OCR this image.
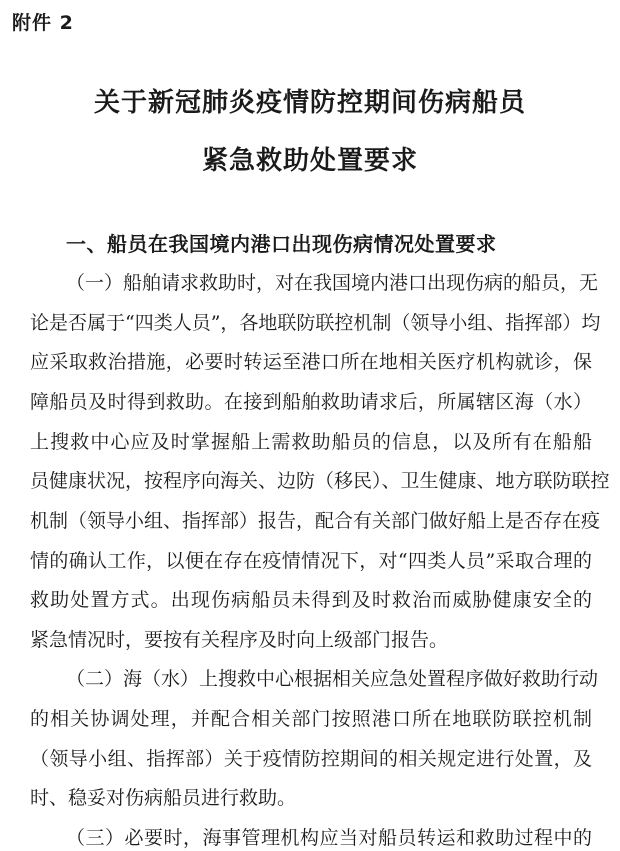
附件 2
关于新冠肺炎疫情防控期间伤病船员
紧急救助处置要求
一、船员在我国境内港口出现伤病情况处置要求
（一）船舶请求救助时，对在我国境内港口出现伤病的船员，无
论是否属于“四类人员”，各地联防联控机制（领导小组、指挥部）均
应采取救治措施，必要时转运至港口所在地相关医疗机构就诊，保
障船员及时得到救助。在接到船舶救助请求后，所属辖区海（水）
上搜救中心应及时掌握船上需救助船员的信息，以及所有在船船
员健康状况，按程序向海关、边防（移民）、卫生健康、地方联防联控
机制（领导小组、指挥部）报告，配合有关部门做好船上是否存在疫
情的确认工作，以便在存在疫情情况下，对“四类人员”采取合理的
救助处置方式。出现伤病船员未得到及时救治而威胁健康安全的
紧急情况时，要按有关程序及时向上级部门报告。
（二）海（水）上搜救中心根据相关应急处置程序做好救助行动
的相关协调处理，并配合相关部门按照港口所在地联防联控机制
（领导小组、指挥部）关于疫情防控期间的相关规定进行处置，及
时、稳妥对伤病船员进行救助。
（三）必要时，海事管理机构应当对船员转运和救助过程中的
